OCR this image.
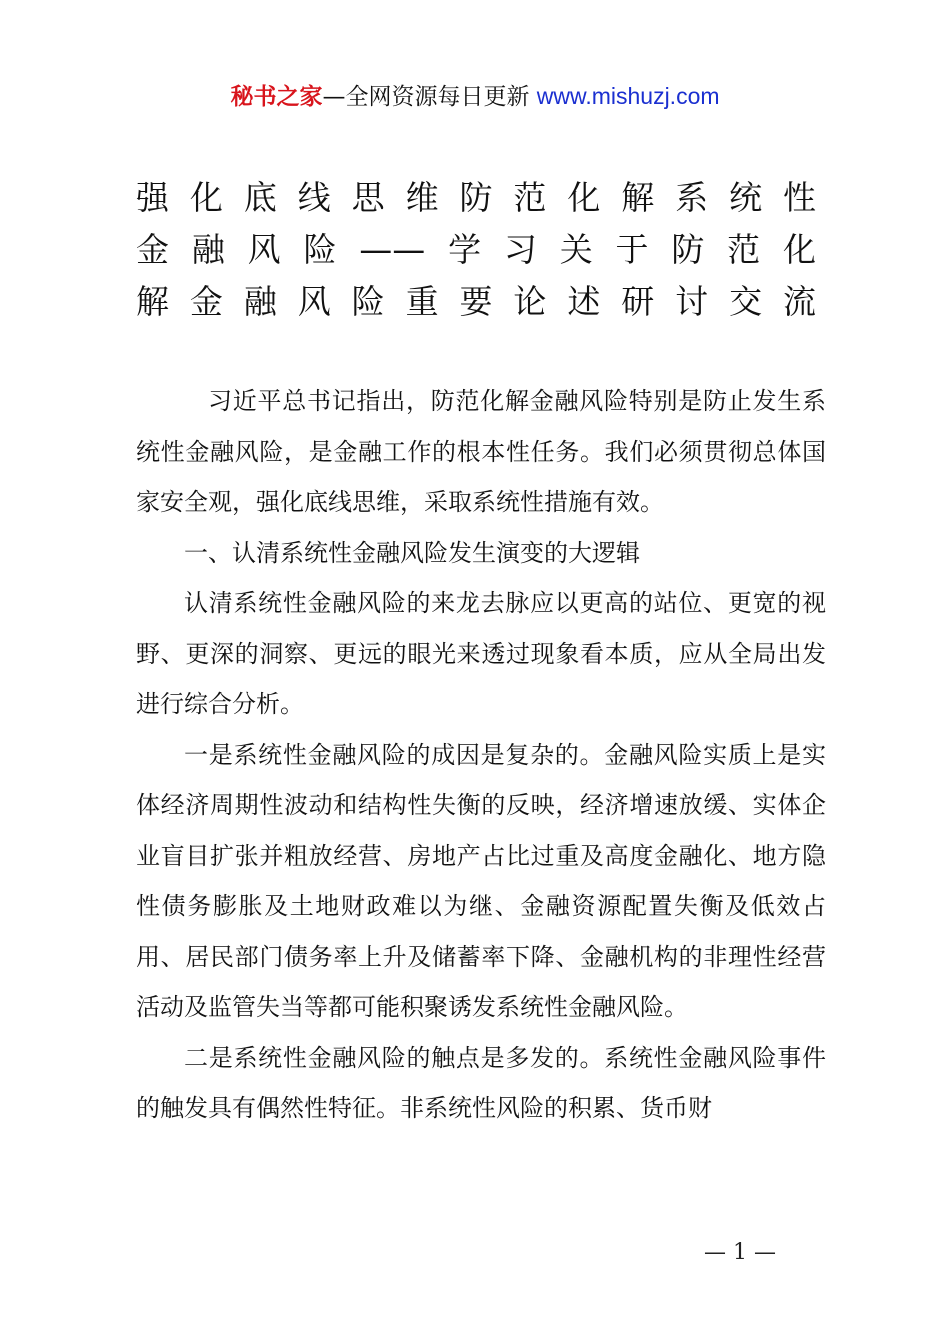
秘书之家—全网资源每日更新 www.mishuzj.com
强化底线思维防范化解系统性
金融风险——学习关于防范化
解金融风险重要论述研讨交流

习近平总书记指出，防范化解金融风险特别是防止发生系统性金融风险，是金融工作的根本性任务。我们必须贯彻总体国家安全观，强化底线思维，采取系统性措施有效。

一、认清系统性金融风险发生演变的大逻辑

认清系统性金融风险的来龙去脉应以更高的站位、更宽的视野、更深的洞察、更远的眼光来透过现象看本质，应从全局出发进行综合分析。

一是系统性金融风险的成因是复杂的。金融风险实质上是实体经济周期性波动和结构性失衡的反映，经济增速放缓、实体企业盲目扩张并粗放经营、房地产占比过重及高度金融化、地方隐性债务膨胀及土地财政难以为继、金融资源配置失衡及低效占用、居民部门债务率上升及储蓄率下降、金融机构的非理性经营活动及监管失当等都可能积聚诱发系统性金融风险。

二是系统性金融风险的触点是多发的。系统性金融风险事件的触发具有偶然性特征。非系统性风险的积累、货币财

— 1 —
